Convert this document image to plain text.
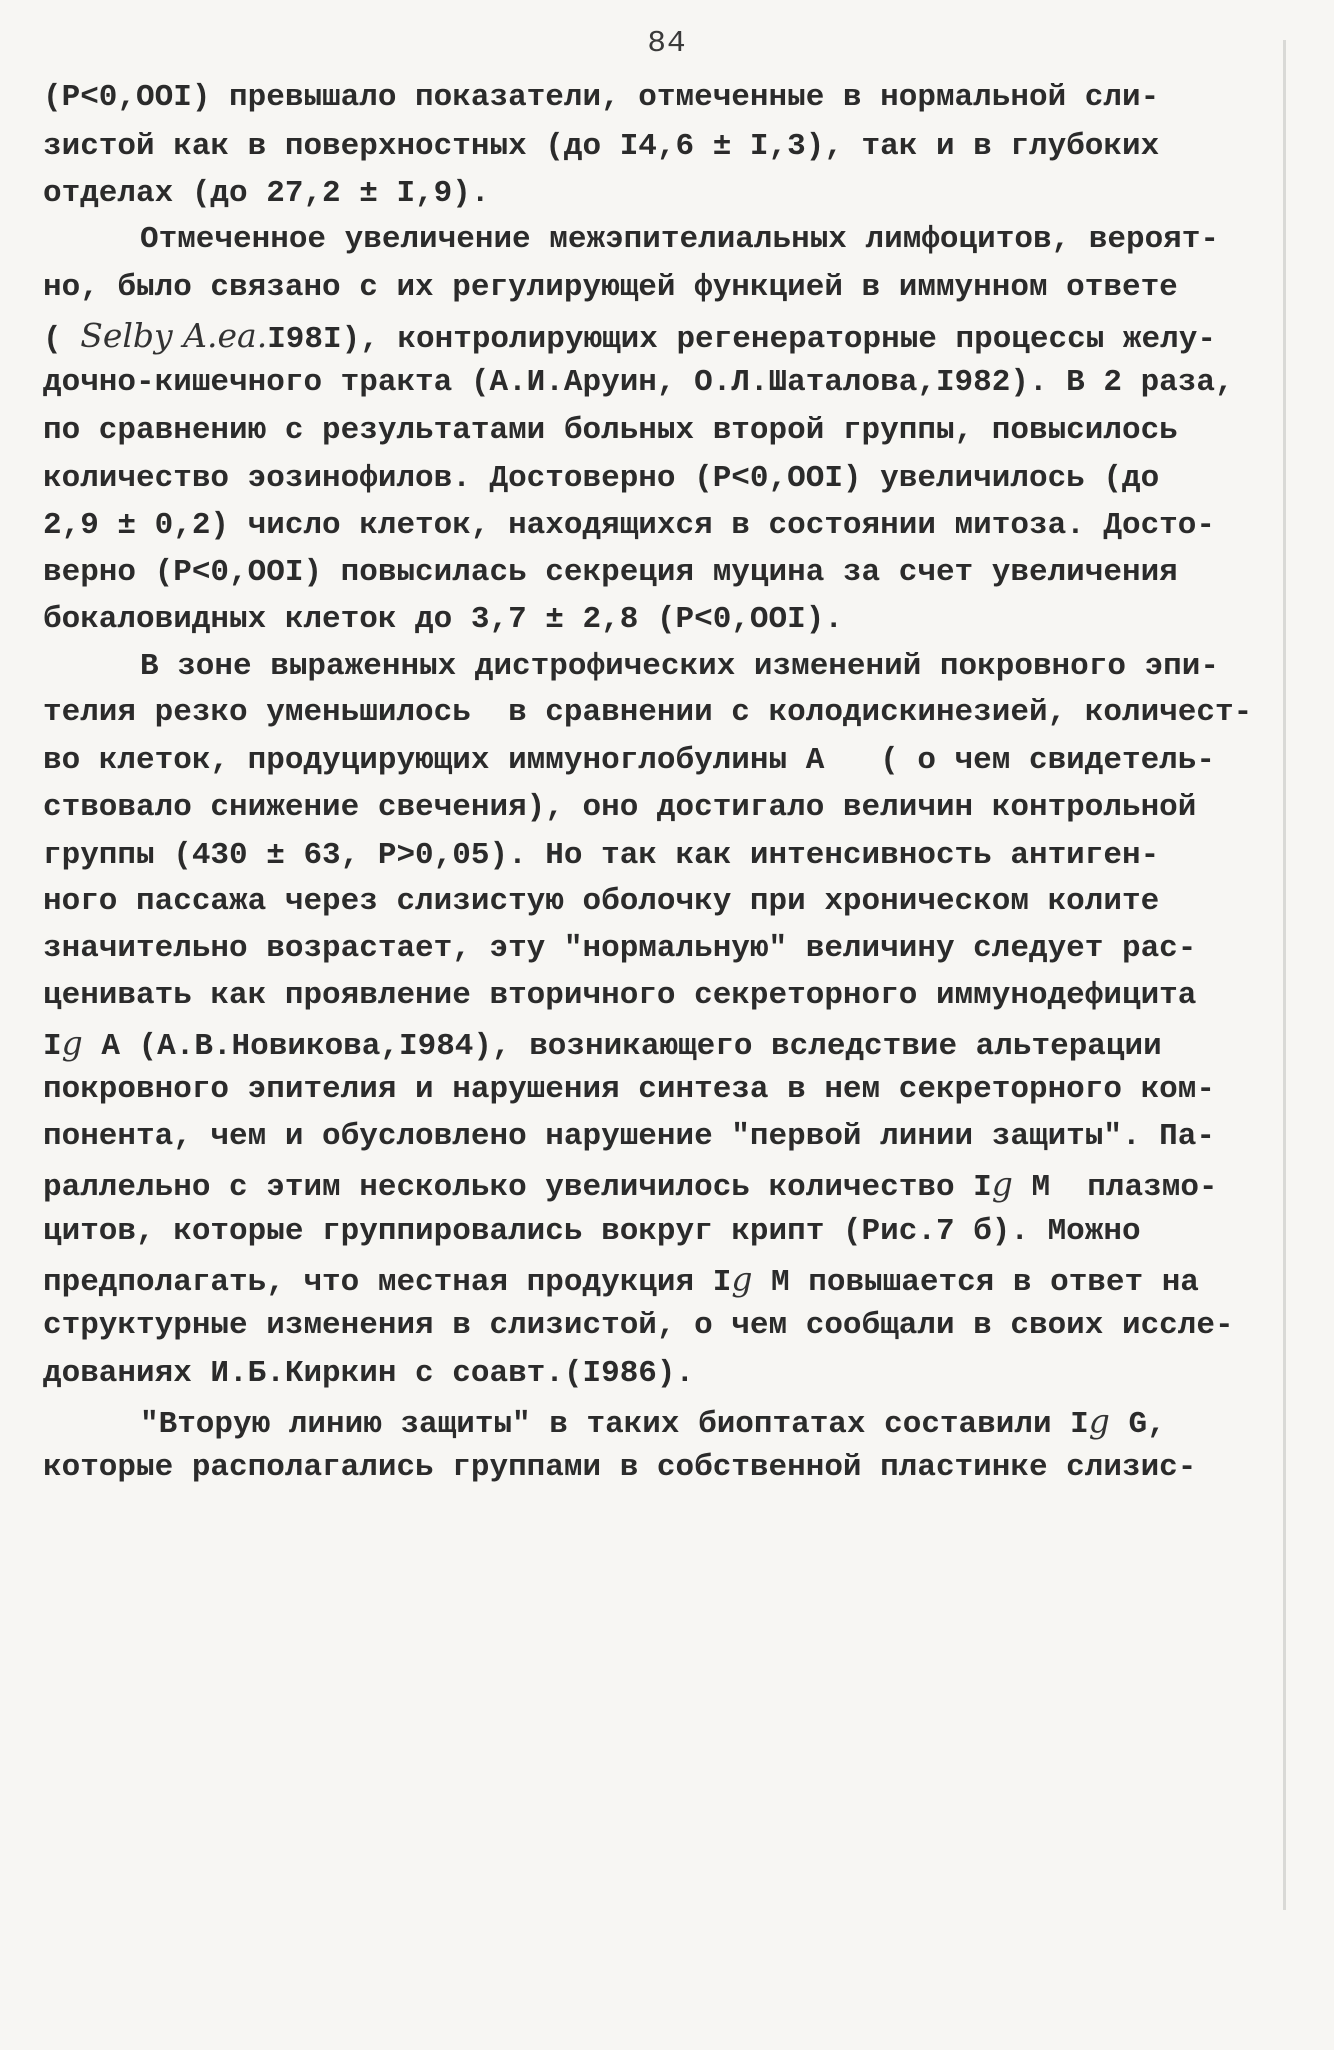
84
(P<0,OOI) превышало показатели, отмеченные в нормальной сли-
зистой как в поверхностных (до I4,6 ± I,3), так и в глубоких
отделах (до 27,2 ± I,9).
Отмеченное увеличение межэпителиальных лимфоцитов, вероят-
но, было связано с их регулирующей функцией в иммунном ответе
( Selby A.ea.I98I), контролирующих регенераторные процессы желу-
дочно-кишечного тракта (А.И.Аруин, О.Л.Шаталова,I982). В 2 раза,
по сравнению с результатами больных второй группы, повысилось
количество эозинофилов. Достоверно (P<0,OOI) увеличилось (до
2,9 ± 0,2) число клеток, находящихся в состоянии митоза. Досто-
верно (P<0,OOI) повысилась секреция муцина за счет увеличения
бокаловидных клеток до 3,7 ± 2,8 (P<0,OOI).
В зоне выраженных дистрофических изменений покровного эпи-
телия резко уменьшилось  в сравнении с колодискинезией, количест-
во клеток, продуцирующих иммуноглобулины А   ( о чем свидетель-
ствовало снижение свечения), оно достигало величин контрольной
группы (430 ± 63, P>0,05). Но так как интенсивность антиген-
ного пассажа через слизистую оболочку при хроническом колите
значительно возрастает, эту "нормальную" величину следует рас-
ценивать как проявление вторичного секреторного иммунодефицита
Ig А (А.В.Новикова,I984), возникающего вследствие альтерации
покровного эпителия и нарушения синтеза в нем секреторного ком-
понента, чем и обусловлено нарушение "первой линии защиты". Па-
раллельно с этим несколько увеличилось количество Ig М  плазмо-
цитов, которые группировались вокруг крипт (Рис.7 б). Можно
предполагать, что местная продукция Ig М повышается в ответ на
структурные изменения в слизистой, о чем сообщали в своих иссле-
дованиях И.Б.Киркин с соавт.(I986).
"Вторую линию защиты" в таких биоптатах составили Ig G,
которые располагались группами в собственной пластинке слизис-
